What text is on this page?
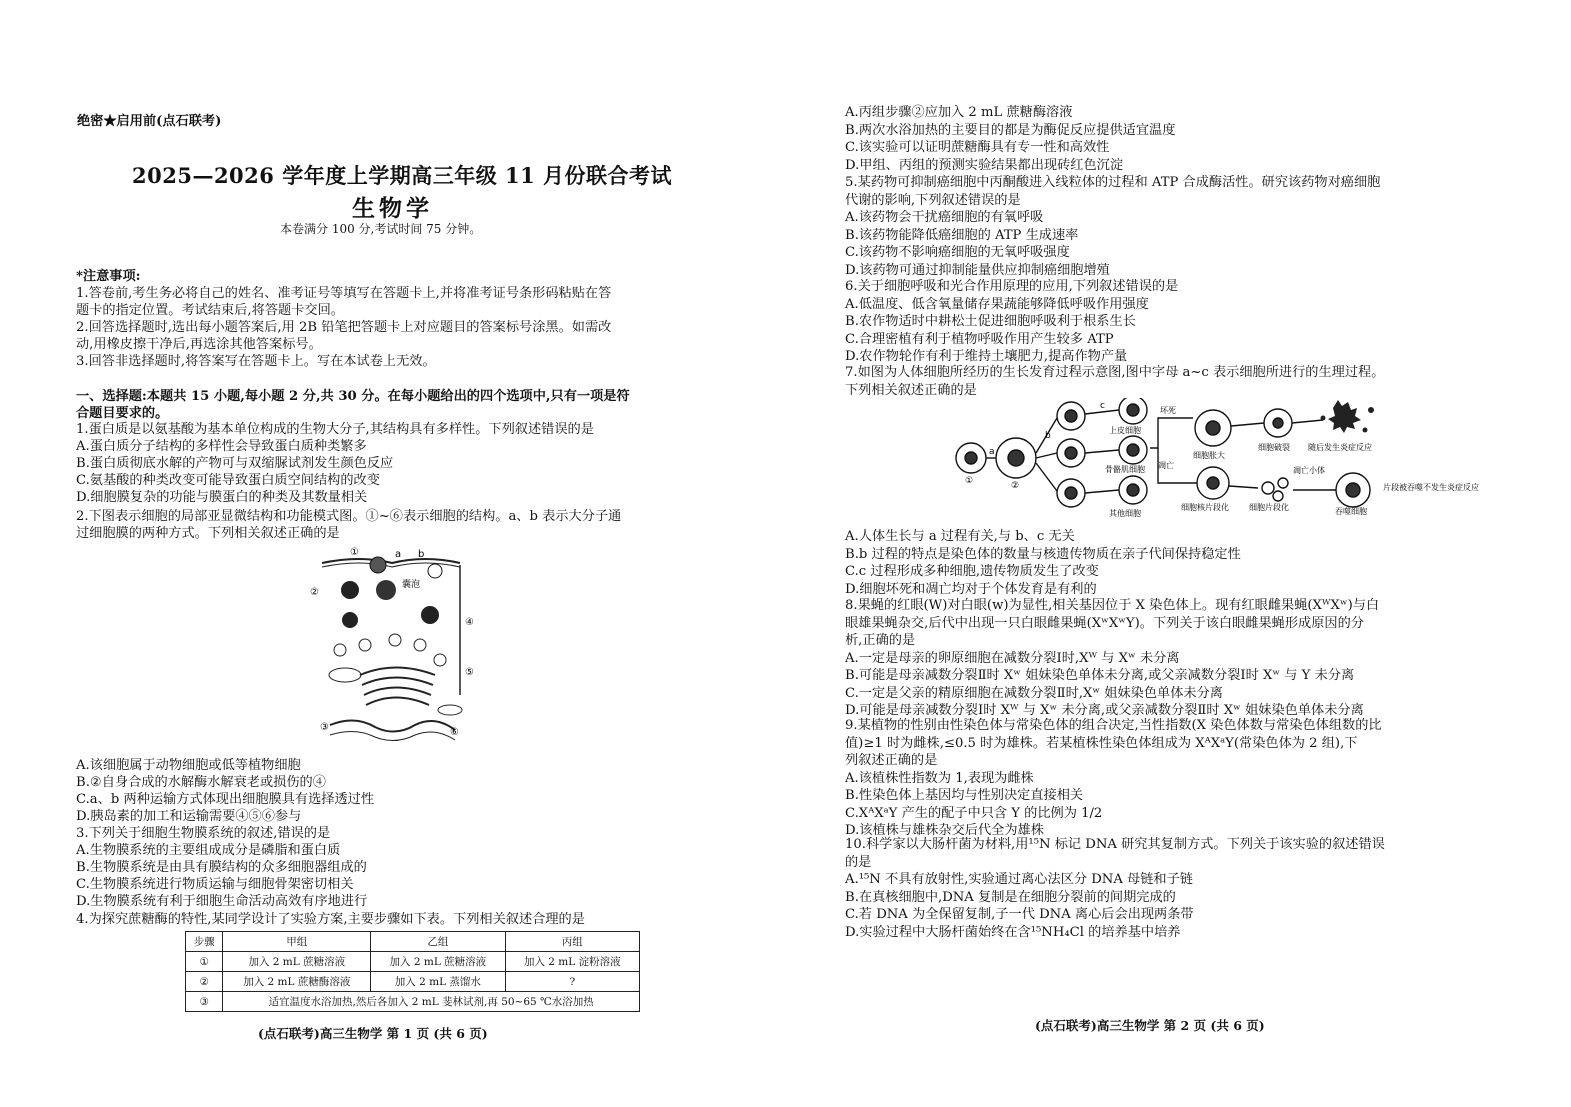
绝密★启用前(点石联考)
2025—2026 学年度上学期高三年级 11 月份联合考试
生物学
本卷满分 100 分,考试时间 75 分钟。
*注意事项:
1.答卷前,考生务必将自己的姓名、准考证号等填写在答题卡上,并将准考证号条形码粘贴在答
题卡的指定位置。考试结束后,将答题卡交回。
2.回答选择题时,选出每小题答案后,用 2B 铅笔把答题卡上对应题目的答案标号涂黑。如需改
动,用橡皮擦干净后,再选涂其他答案标号。
3.回答非选择题时,将答案写在答题卡上。写在本试卷上无效。
一、选择题:本题共 15 小题,每小题 2 分,共 30 分。在每小题给出的四个选项中,只有一项是符
合题目要求的。
1.蛋白质是以氨基酸为基本单位构成的生物大分子,其结构具有多样性。下列叙述错误的是
A.蛋白质分子结构的多样性会导致蛋白质种类繁多
B.蛋白质彻底水解的产物可与双缩脲试剂发生颜色反应
C.氨基酸的种类改变可能导致蛋白质空间结构的改变
D.细胞膜复杂的功能与膜蛋白的种类及其数量相关
2.下图表示细胞的局部亚显微结构和功能模式图。①~⑥表示细胞的结构。a、b 表示大分子通
过细胞膜的两种方式。下列相关叙述正确的是
①
②
③
④
⑤
⑥
a b
囊泡
A.该细胞属于动物细胞或低等植物细胞
B.②自身合成的水解酶水解衰老或损伤的④
C.a、b 两种运输方式体现出细胞膜具有选择透过性
D.胰岛素的加工和运输需要④⑤⑥参与
3.下列关于细胞生物膜系统的叙述,错误的是
A.生物膜系统的主要组成成分是磷脂和蛋白质
B.生物膜系统是由具有膜结构的众多细胞器组成的
C.生物膜系统进行物质运输与细胞骨架密切相关
D.生物膜系统有利于细胞生命活动高效有序地进行
4.为探究蔗糖酶的特性,某同学设计了实验方案,主要步骤如下表。下列相关叙述合理的是
步骤	甲组	乙组	丙组
①	加入 2 mL 蔗糖溶液	加入 2 mL 蔗糖溶液	加入 2 mL 淀粉溶液
②	加入 2 mL 蔗糖酶溶液	加入 2 mL 蒸馏水	?
③	适宜温度水浴加热,然后各加入 2 mL 斐林试剂,再 50~65 ℃水浴加热		
(点石联考)高三生物学 第 1 页 (共 6 页)
A.丙组步骤②应加入 2 mL 蔗糖酶溶液
B.两次水浴加热的主要目的都是为酶促反应提供适宜温度
C.该实验可以证明蔗糖酶具有专一性和高效性
D.甲组、丙组的预测实验结果都出现砖红色沉淀
5.某药物可抑制癌细胞中丙酮酸进入线粒体的过程和 ATP 合成酶活性。研究该药物对癌细胞
代谢的影响,下列叙述错误的是
A.该药物会干扰癌细胞的有氧呼吸
B.该药物能降低癌细胞的 ATP 生成速率
C.该药物不影响癌细胞的无氧呼吸强度
D.该药物可通过抑制能量供应抑制癌细胞增殖
6.关于细胞呼吸和光合作用原理的应用,下列叙述错误的是
A.低温度、低含氧量储存果蔬能够降低呼吸作用强度
B.农作物适时中耕松土促进细胞呼吸利于根系生长
C.合理密植有利于植物呼吸作用产生较多 ATP
D.农作物轮作有利于维持土壤肥力,提高作物产量
7.如图为人体细胞所经历的生长发育过程示意图,图中字母 a~c 表示细胞所进行的生理过程。
下列相关叙述正确的是
①	②
a
b
c
上皮细胞
骨骼肌细胞
其他细胞
坏死
凋亡
细胞胀大
细胞破裂 随后发生炎症反应
细胞核片段化	细胞片段化
凋亡小体
吞噬细胞
片段被吞噬不发生炎症反应
A.人体生长与 a 过程有关,与 b、c 无关
B.b 过程的特点是染色体的数量与核遗传物质在亲子代间保持稳定性
C.c 过程形成多种细胞,遗传物质发生了改变
D.细胞坏死和凋亡均对于个体发育是有利的
8.果蝇的红眼(W)对白眼(w)为显性,相关基因位于 X 染色体上。现有红眼雌果蝇(XᵂXʷ)与白
眼雄果蝇杂交,后代中出现一只白眼雌果蝇(XʷXʷY)。下列关于该白眼雌果蝇形成原因的分
析,正确的是
A.一定是母亲的卵原细胞在减数分裂Ⅰ时,Xᵂ 与 Xʷ 未分离
B.可能是母亲减数分裂Ⅱ时 Xʷ 姐妹染色单体未分离,或父亲减数分裂Ⅰ时 Xʷ 与 Y 未分离
C.一定是父亲的精原细胞在减数分裂Ⅱ时,Xʷ 姐妹染色单体未分离
D.可能是母亲减数分裂Ⅰ时 Xᵂ 与 Xʷ 未分离,或父亲减数分裂Ⅱ时 Xʷ 姐妹染色单体未分离
9.某植物的性别由性染色体与常染色体的组合决定,当性指数(X 染色体数与常染色体组数的比
值)≥1 时为雌株,≤0.5 时为雄株。若某植株性染色体组成为 XᴬXᵃY(常染色体为 2 组),下
列叙述正确的是
A.该植株性指数为 1,表现为雌株
B.性染色体上基因均与性别决定直接相关
C.XᴬXᵃY 产生的配子中只含 Y 的比例为 1/2
D.该植株与雄株杂交后代全为雄株
10.科学家以大肠杆菌为材料,用¹⁵N 标记 DNA 研究其复制方式。下列关于该实验的叙述错误
的是
A.¹⁵N 不具有放射性,实验通过离心法区分 DNA 母链和子链
B.在真核细胞中,DNA 复制是在细胞分裂前的间期完成的
C.若 DNA 为全保留复制,子一代 DNA 离心后会出现两条带
D.实验过程中大肠杆菌始终在含¹⁵NH₄Cl 的培养基中培养
(点石联考)高三生物学 第 2 页 (共 6 页)
